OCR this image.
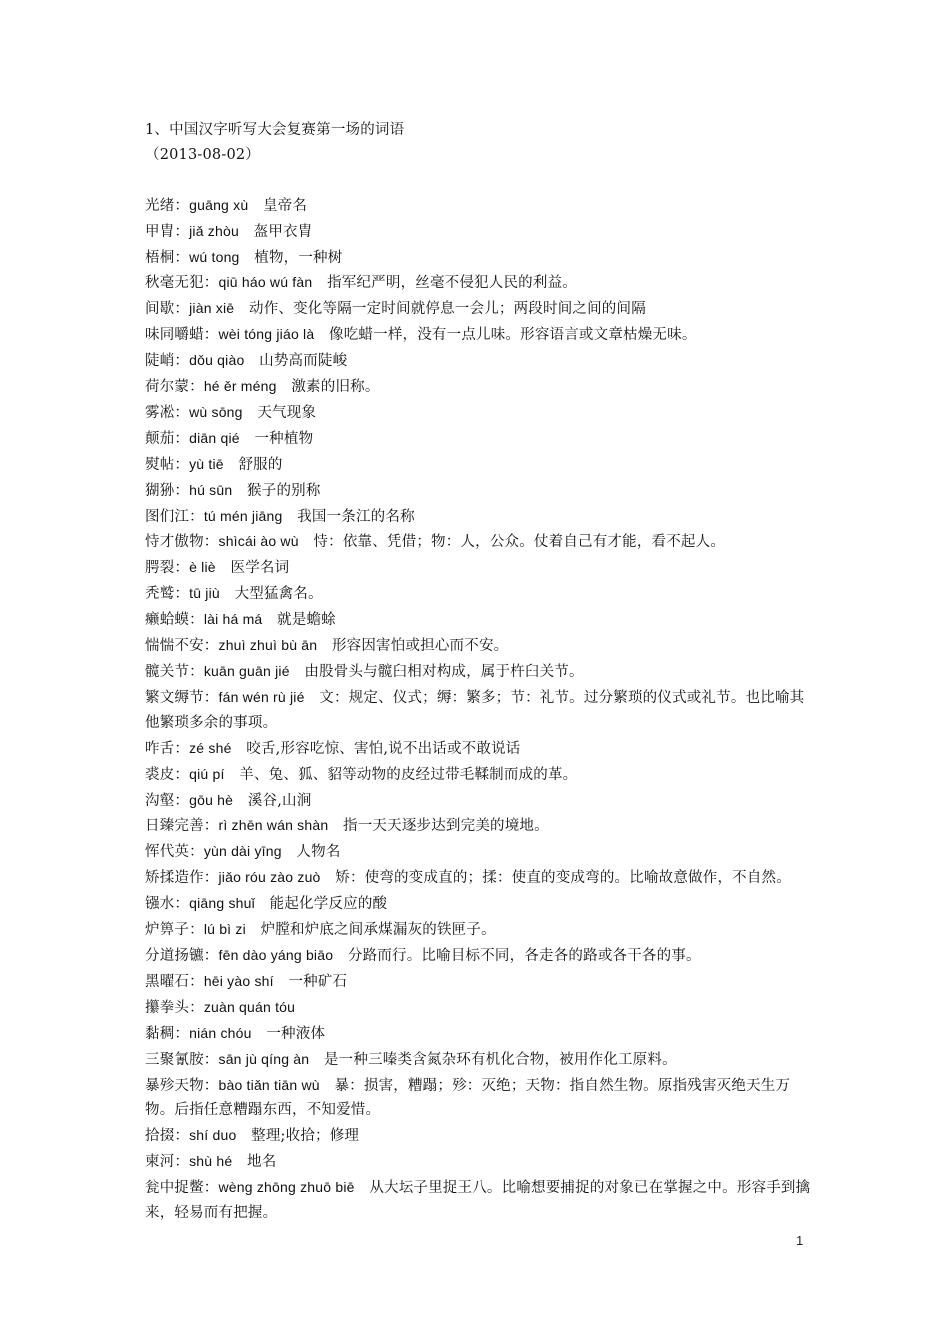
1、中国汉字听写大会复赛第一场的词语
（2013-08-02）
光绪：guāng xù　 皇帝名
甲胄：jiǎ zhòu　 盔甲衣胄
梧桐：wú tong　 植物，一种树
秋毫无犯：qiū háo wú fàn　 指军纪严明，丝毫不侵犯人民的利益。
间歇：jiàn xiē　 动作、变化等隔一定时间就停息一会儿；两段时间之间的间隔
味同嚼蜡：wèi tóng jiáo là　 像吃蜡一样，没有一点儿味。形容语言或文章枯燥无味。
陡峭：dǒu qiào　 山势高而陡峻
荷尔蒙：hé ěr méng　 激素的旧称。
雾凇：wù sōng　 天气现象
颠茄：diān qié　 一种植物
熨帖：yù tiē　 舒服的
猢狲：hú sūn　 猴子的别称
图们江：tú mén jiāng　 我国一条江的名称
恃才傲物：shìcái ào wù　 恃：依靠、凭借；物：人，公众。仗着自己有才能，看不起人。
腭裂：è liè　 医学名词
秃鹫：tū jiù　 大型猛禽名。
癞蛤蟆：lài há má　 就是蟾蜍
惴惴不安：zhuì zhuì bù ān　 形容因害怕或担心而不安。
髋关节：kuān guān jié　 由股骨头与髋臼相对构成，属于杵臼关节。
繁文缛节：fán wén rù jié　 文：规定、仪式；缛：繁多；节：礼节。过分繁琐的仪式或礼节。也比喻其他繁琐多余的事项。
咋舌：zé shé　 咬舌,形容吃惊、害怕,说不出话或不敢说话
裘皮：qiú pí　 羊、兔、狐、貂等动物的皮经过带毛鞣制而成的革。
沟壑：gōu hè　 溪谷,山涧
日臻完善：rì zhēn wán shàn　 指一天天逐步达到完美的境地。
恽代英：yùn dài yīng　 人物名
矫揉造作：jiǎo róu zào zuò　 矫：使弯的变成直的；揉：使直的变成弯的。比喻故意做作，不自然。
镪水：qiāng shuǐ　 能起化学反应的酸
炉箅子：lú bì zi　 炉膛和炉底之间承煤漏灰的铁匣子。
分道扬镳：fēn dào yáng biāo　 分路而行。比喻目标不同，各走各的路或各干各的事。
黑曜石：hēi yào shí　 一种矿石
攥拳头：zuàn quán tóu　
黏稠：nián chóu　 一种液体
三聚氰胺：sān jù qíng àn　 是一种三嗪类含氮杂环有机化合物，被用作化工原料。
暴殄天物：bào tiǎn tiān wù　 暴：损害，糟蹋；殄：灭绝；天物：指自然生物。原指残害灭绝天生万物。后指任意糟蹋东西，不知爱惜。
拾掇：shí duo　 整理;收拾；修理
柬河：shù hé　 地名
瓮中捉鳖：wèng zhōng zhuō biē　 从大坛子里捉王八。比喻想要捕捉的对象已在掌握之中。形容手到擒来，轻易而有把握。
1
